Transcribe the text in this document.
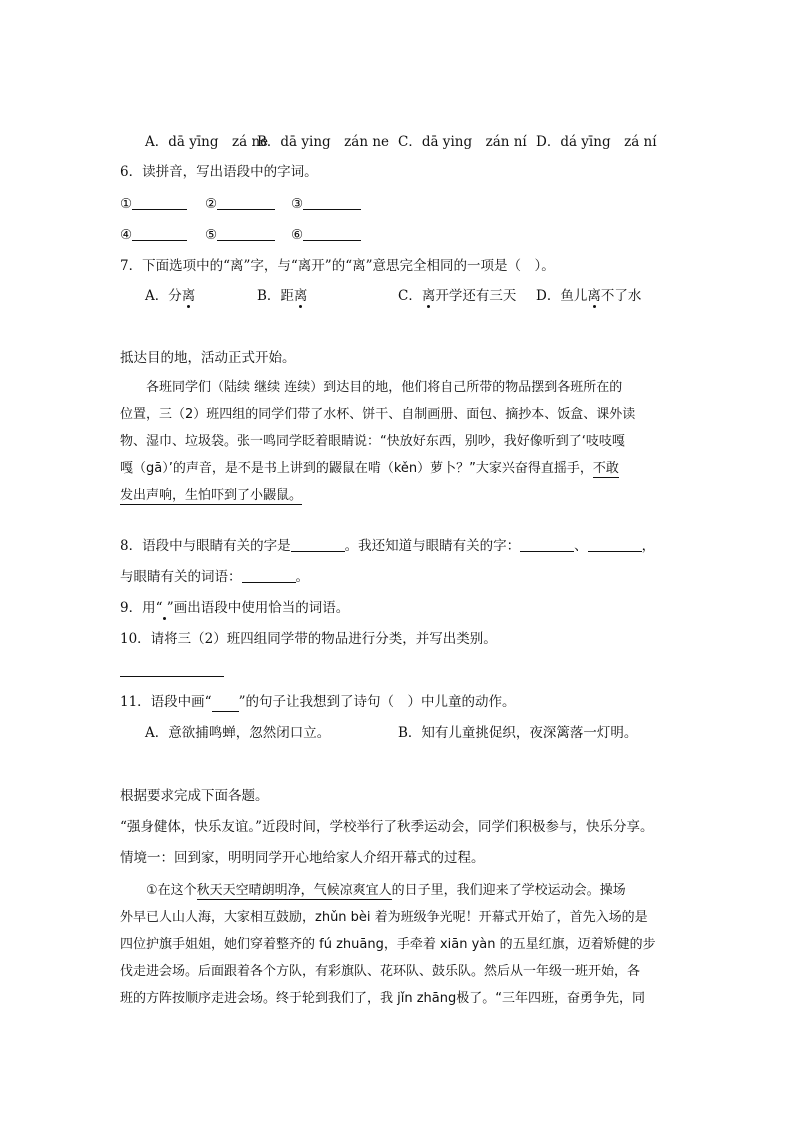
A．dā yīng　zá ne
B．dā ying　zán ne C．dā ying　zán ní D．dá yīng　zá ní
6．读拼音，写出语段中的字词。
①	②	③
④	⑤	⑥
7．下面选项中的“离”字，与“离开”的“离”意思完全相同的一项是（　）。
A．分离	B．距离	C．离开学还有三天 D．鱼儿离不了水
抵达目的地，活动正式开始。
　　各班同学们（陆续 继续 连续）到达目的地，他们将自己所带的物品摆到各班所在的
位置，三（2）班四组的同学们带了水杯、饼干、自制画册、面包、摘抄本、饭盒、课外读
物、湿巾、垃圾袋。张一鸣同学眨着眼睛说：“快放好东西，别吵，我好像听到了‘吱吱嘎
嘎（gā）’的声音，是不是书上讲到的鼹鼠在啃（kěn）萝卜？”大家兴奋得直摇手，不敢
发出声响，生怕吓到了小鼹鼠。
8．语段中与眼睛有关的字是	。我还知道与眼睛有关的字：	、	，
与眼睛有关的词语：	。
9．用“ ”画出语段中使用恰当的词语。
10．请将三（2）班四组同学带的物品进行分类，并写出类别。
11．语段中画“　　 ”的句子让我想到了诗句（　）中儿童的动作。
A．意欲捕鸣蝉，忽然闭口立。	B．知有儿童挑促织，夜深篱落一灯明。
根据要求完成下面各题。
“强身健体，快乐友谊。”近段时间，学校举行了秋季运动会，同学们积极参与，快乐分享。
情境一：回到家，明明同学开心地给家人介绍开幕式的过程。
　　①在这个秋天天空晴朗明净，气候凉爽宜人的日子里，我们迎来了学校运动会。操场
外早已人山人海，大家相互鼓励，zhǔn bèi 着为班级争光呢！开幕式开始了，首先入场的是
四位护旗手姐姐，她们穿着整齐的 fú zhuāng，手牵着 xiān yàn 的五星红旗，迈着矫健的步
伐走进会场。后面跟着各个方队，有彩旗队、花环队、鼓乐队。然后从一年级一班开始，各
班的方阵按顺序走进会场。终于轮到我们了，我 jǐn zhāng极了。“三年四班，奋勇争先，同
